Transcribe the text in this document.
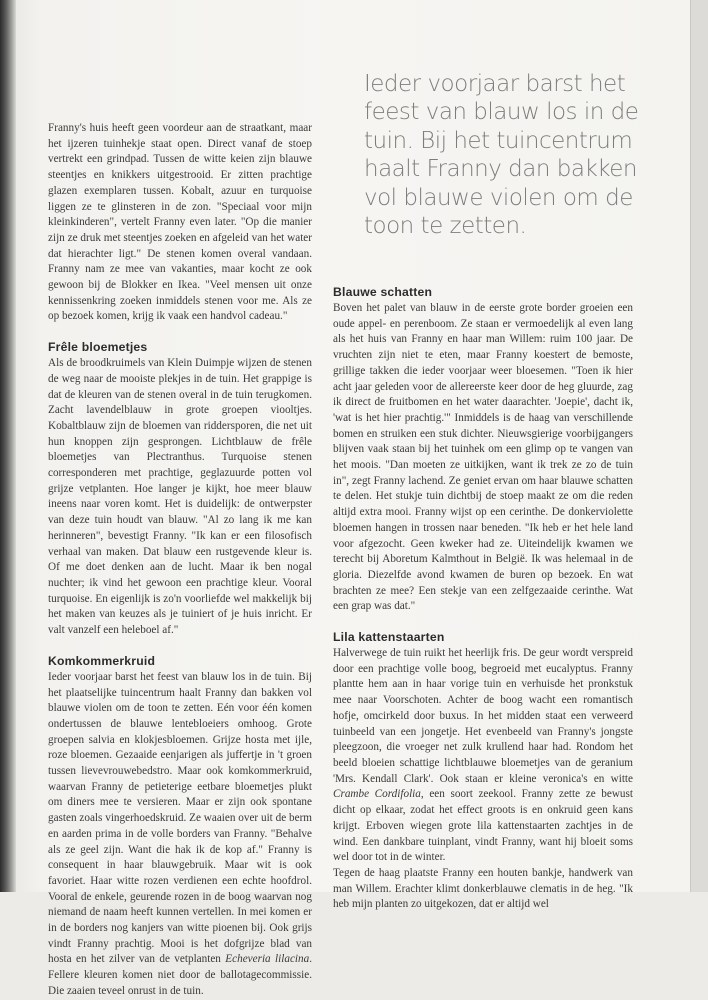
Ieder voorjaar barst het feest van blauw los in de tuin. Bij het tuincentrum haalt Franny dan bakken vol blauwe violen om de toon te zetten.

Franny's huis heeft geen voordeur aan de straatkant, maar het ijzeren tuinhekje staat open. Direct vanaf de stoep vertrekt een grindpad. Tussen de witte keien zijn blauwe steentjes en knikkers uitgestrooid. Er zitten prachtige glazen exemplaren tussen. Kobalt, azuur en turquoise liggen ze te glinsteren in de zon. "Speciaal voor mijn kleinkinderen", vertelt Franny even later. "Op die manier zijn ze druk met steentjes zoeken en afgeleid van het water dat hierachter ligt." De stenen komen overal vandaan. Franny nam ze mee van vakanties, maar kocht ze ook gewoon bij de Blokker en Ikea. "Veel mensen uit onze kennissenkring zoeken inmiddels stenen voor me. Als ze op bezoek komen, krijg ik vaak een handvol cadeau."

Frêle bloemetjes

Als de broodkruimels van Klein Duimpje wijzen de stenen de weg naar de mooiste plekjes in de tuin. Het grappige is dat de kleuren van de stenen overal in de tuin terugkomen. Zacht lavendelblauw in grote groepen viooltjes. Kobaltblauw zijn de bloemen van riddersporen, die net uit hun knoppen zijn gesprongen. Lichtblauw de frêle bloemetjes van Plectranthus. Turquoise stenen corresponderen met prachtige, geglazuurde potten vol grijze vetplanten. Hoe langer je kijkt, hoe meer blauw ineens naar voren komt. Het is duidelijk: de ontwerpster van deze tuin houdt van blauw. "Al zo lang ik me kan herinneren", bevestigt Franny. "Ik kan er een filosofisch verhaal van maken. Dat blauw een rustgevende kleur is. Of me doet denken aan de lucht. Maar ik ben nogal nuchter; ik vind het gewoon een prachtige kleur. Vooral turquoise. En eigenlijk is zo'n voorliefde wel makkelijk bij het maken van keuzes als je tuiniert of je huis inricht. Er valt vanzelf een heleboel af."

Komkommerkruid

Ieder voorjaar barst het feest van blauw los in de tuin. Bij het plaatselijke tuincentrum haalt Franny dan bakken vol blauwe violen om de toon te zetten. Eén voor één komen ondertussen de blauwe lentebloeiers omhoog. Grote groepen salvia en klokjesbloemen. Grijze hosta met ijle, roze bloemen. Gezaaide eenjarigen als juffertje in 't groen tussen lievevrouwebedstro. Maar ook komkommerkruid, waarvan Franny de petieterige eetbare bloemetjes plukt om diners mee te versieren. Maar er zijn ook spontane gasten zoals vingerhoedskruid. Ze waaien over uit de berm en aarden prima in de volle borders van Franny. "Behalve als ze geel zijn. Want die hak ik de kop af." Franny is consequent in haar blauwgebruik. Maar wit is ook favoriet. Haar witte rozen verdienen een echte hoofdrol. Vooral de enkele, geurende rozen in de boog waarvan nog niemand de naam heeft kunnen vertellen. In mei komen er in de borders nog kanjers van witte pioenen bij. Ook grijs vindt Franny prachtig. Mooi is het dofgrijze blad van hosta en het zilver van de vetplanten Echeveria lilacina. Fellere kleuren komen niet door de ballotagecommissie. Die zaaien teveel onrust in de tuin.

Blauwe schatten

Boven het palet van blauw in de eerste grote border groeien een oude appel- en perenboom. Ze staan er vermoedelijk al even lang als het huis van Franny en haar man Willem: ruim 100 jaar. De vruchten zijn niet te eten, maar Franny koestert de bemoste, grillige takken die ieder voorjaar weer bloesemen. "Toen ik hier acht jaar geleden voor de allereerste keer door de heg gluurde, zag ik direct de fruitbomen en het water daarachter. 'Joepie', dacht ik, 'wat is het hier prachtig.'" Inmiddels is de haag van verschillende bomen en struiken een stuk dichter. Nieuwsgierige voorbijgangers blijven vaak staan bij het tuinhek om een glimp op te vangen van het moois. "Dan moeten ze uitkijken, want ik trek ze zo de tuin in", zegt Franny lachend. Ze geniet ervan om haar blauwe schatten te delen. Het stukje tuin dichtbij de stoep maakt ze om die reden altijd extra mooi. Franny wijst op een cerinthe. De donkerviolette bloemen hangen in trossen naar beneden. "Ik heb er het hele land voor afgezocht. Geen kweker had ze. Uiteindelijk kwamen we terecht bij Aboretum Kalmthout in België. Ik was helemaal in de gloria. Diezelfde avond kwamen de buren op bezoek. En wat brachten ze mee? Een stekje van een zelfgezaaide cerinthe. Wat een grap was dat."

Lila kattenstaarten

Halverwege de tuin ruikt het heerlijk fris. De geur wordt verspreid door een prachtige volle boog, begroeid met eucalyptus. Franny plantte hem aan in haar vorige tuin en verhuisde het pronkstuk mee naar Voorschoten. Achter de boog wacht een romantisch hofje, omcirkeld door buxus. In het midden staat een verweerd tuinbeeld van een jongetje. Het evenbeeld van Franny's jongste pleegzoon, die vroeger net zulk krullend haar had. Rondom het beeld bloeien schattige lichtblauwe bloemetjes van de geranium 'Mrs. Kendall Clark'. Ook staan er kleine veronica's en witte Crambe Cordifolia, een soort zeekool. Franny zette ze bewust dicht op elkaar, zodat het effect groots is en onkruid geen kans krijgt. Erboven wiegen grote lila kattenstaarten zachtjes in de wind. Een dankbare tuinplant, vindt Franny, want hij bloeit soms wel door tot in de winter.

Tegen de haag plaatste Franny een houten bankje, handwerk van man Willem. Erachter klimt donkerblauwe clematis in de heg. "Ik heb mijn planten zo uitgekozen, dat er altijd wel
